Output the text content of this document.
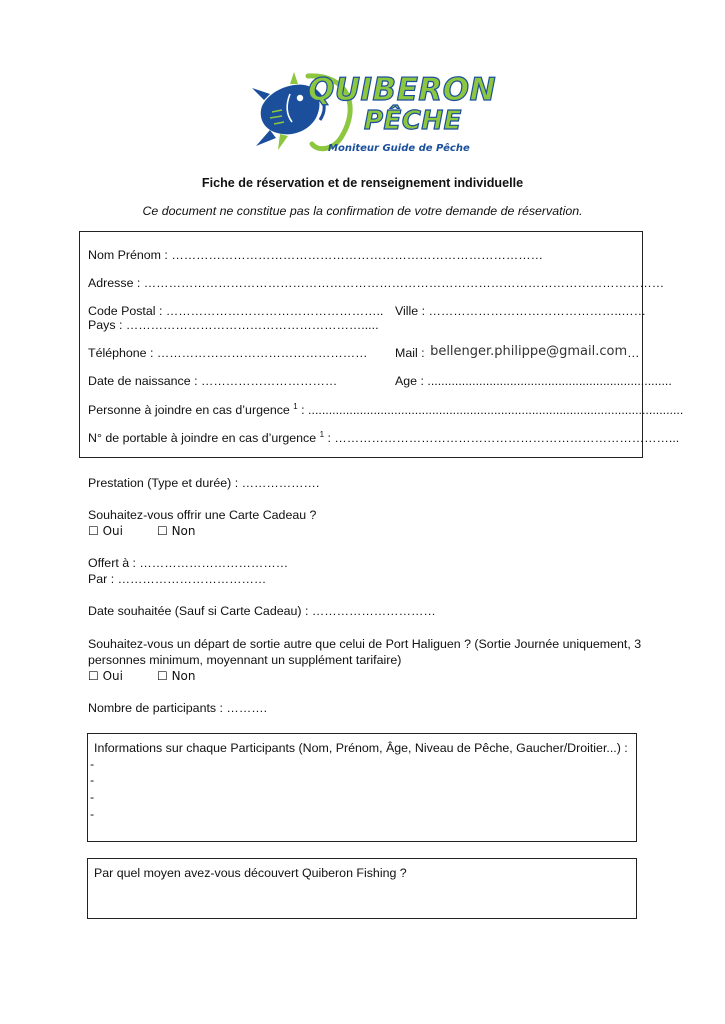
QUIBERON
PÊCHE
Moniteur Guide de Pêche
Fiche de réservation et de renseignement individuelle
Ce document ne constitue pas la confirmation de votre demande de réservation.
Nom Prénom : ………………………………………………………………………………
Adresse : ………………………………………………………………………………………………………………
Code Postal : …………………………………………….. Ville : ………………………………………..……
Pays : ………………………………………………….....
Téléphone : …………………………………………… Mail : bellenger.philippe@gmail.com…
Date de naissance : ……………………………	Age : .......................................................................
Personne à joindre en cas d’urgence $^1$ : .............................................................................................................
N° de portable à joindre en cas d’urgence $^1$ : ………………………………………………………………………...
Prestation (Type et durée) : ……………….
Souhaitez-vous offrir une Carte Cadeau ?
☐ Oui	☐ Non
Offert à : ………………………………
Par : ………………………………
Date souhaitée (Sauf si Carte Cadeau) : …………………………
Souhaitez-vous un départ de sortie autre que celui de Port Haliguen ? (Sortie Journée uniquement, 3
personnes minimum, moyennant un supplément tarifaire)
☐ Oui	☐ Non
Nombre de participants : ……….
Informations sur chaque Participants (Nom, Prénom, Âge, Niveau de Pêche, Gaucher/Droitier...) :
-
-
-
-
Par quel moyen avez-vous découvert Quiberon Fishing ?
